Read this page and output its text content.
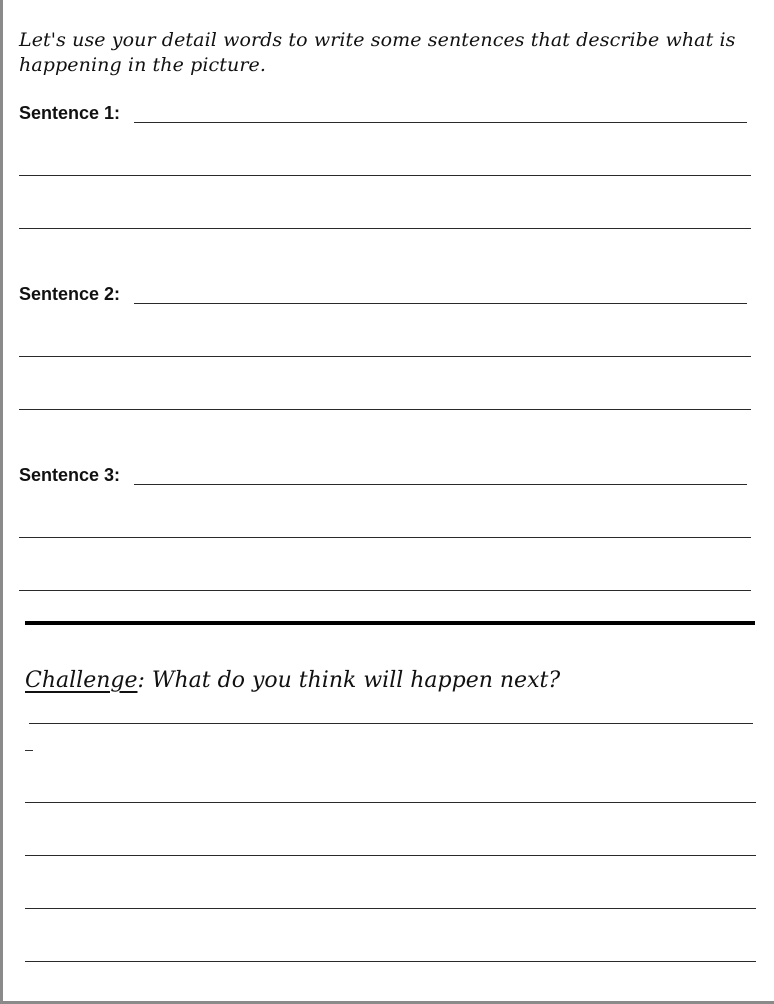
Let's use your detail words to write some sentences that describe what is happening in the picture.
Sentence 1:
Sentence 2:
Sentence 3:
Challenge: What do you think will happen next?
